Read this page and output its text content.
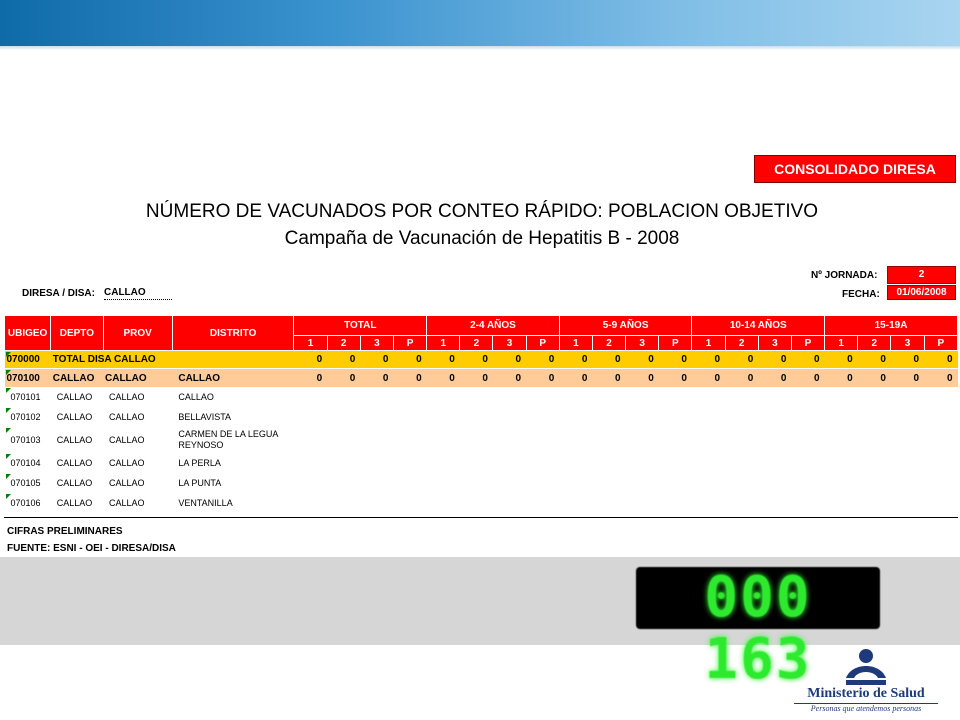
CONSOLIDADO DIRESA
NÚMERO DE VACUNADOS POR CONTEO RÁPIDO: POBLACION OBJETIVO
Campaña de Vacunación de Hepatitis B - 2008
DIRESA / DISA: CALLAO
Nº JORNADA:	2
FECHA:	01/06/2008
UBIGEO	DEPTO	PROV	DISTRITO	TOTAL				2-4 AÑOS				5-9 AÑOS				10-14 AÑOS				15-19A			
				1	2	3	P	1	2	3	P	1	2	3	P	1	2	3	P	1	2	3	P

070000	TOTAL DISA CALLAO			0	0	0	0	0	0	0	0	0	0	0	0	0	0	0	0	0	0	0	0

070100	CALLAO	CALLAO	CALLAO	0	0	0	0	0	0	0	0	0	0	0	0	0	0	0	0	0	0	0	0

070101	CALLAO	CALLAO	CALLAO																				

070102	CALLAO	CALLAO	BELLAVISTA																				

070103	CALLAO	CALLAO	CARMEN DE LA LEGUA REYNOSO																				

070104	CALLAO	CALLAO	LA PERLA																				

070105	CALLAO	CALLAO	LA PUNTA																				

070106	CALLAO	CALLAO	VENTANILLA																				
CIFRAS PRELIMINARES
FUENTE: ESNI - OEI - DIRESA/DISA
000 163
Ministerio de Salud
Personas que atendemos personas
